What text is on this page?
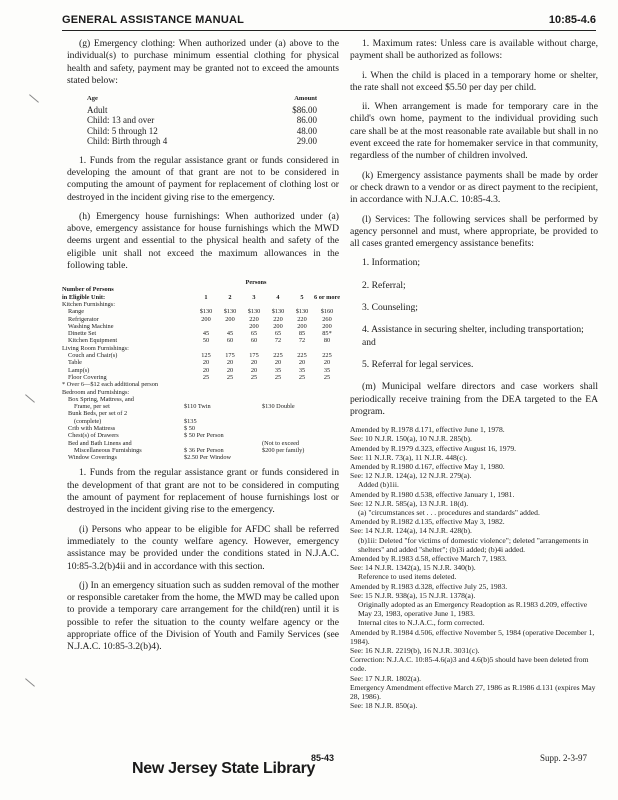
GENERAL ASSISTANCE MANUAL	10:85-4.6

(g) Emergency clothing: When authorized under (a) above to the individual(s) to purchase minimum essential clothing for physical health and safety, payment may be granted not to exceed the amounts stated below:

Age	Amount
Adult	$86.00
Child: 13 and over	86.00
Child: 5 through 12	48.00
Child: Birth through 4	29.00

1. Funds from the regular assistance grant or funds considered in developing the amount of that grant are not to be considered in computing the amount of payment for replacement of clothing lost or destroyed in the incident giving rise to the emergency.

(h) Emergency house furnishings: When authorized under (a) above, emergency assistance for house furnishings which the MWD deems urgent and essential to the physical health and safety of the eligible unit shall not exceed the maximum allowances in the following table.

Persons
Number of Persons						
in Eligible Unit:	1	2	3	4	5	6 or more
Kitchen Furnishings:						
Range	$130	$130	$130	$130	$130	$160
Refrigerator	200	200	220	220	220	260
Washing Machine			200	200	200	200
Dinette Set	45	45	65	65	85	85*
Kitchen Equipment	50	60	60	72	72	80
Living Room Furnishings:						
Couch and Chair(s)	125	175	175	225	225	225
Table	20	20	20	20	20	20
Lamp(s)	20	20	20	35	35	35
Floor Covering	25	25	25	25	25	25
* Over 6—$12 each additional person
Bedroom and Furnishings:		
Box Spring, Mattress, and		
Frame, per set	$110 Twin	$130 Double
Bunk Beds, per set of 2		
(complete)	$135	
Crib with Mattress	$ 50	
Chest(s) of Drawers	$ 50 Per Person	
Bed and Bath Linens and		(Not to exceed
Miscellaneous Furnishings	$ 36 Per Person	$200 per family)
Window Coverings	$2.50 Per Window	

1. Funds from the regular assistance grant or funds considered in the development of that grant are not to be considered in computing the amount of payment for replacement of house furnishings lost or destroyed in the incident giving rise to the emergency.

(i) Persons who appear to be eligible for AFDC shall be referred immediately to the county welfare agency. However, emergency assistance may be provided under the conditions stated in N.J.A.C. 10:85-3.2(b)4ii and in accordance with this section.

(j) In an emergency situation such as sudden removal of the mother or responsible caretaker from the home, the MWD may be called upon to provide a temporary care arrangement for the child(ren) until it is possible to refer the situation to the county welfare agency or the appropriate office of the Division of Youth and Family Services (see N.J.A.C. 10:85-3.2(b)4).

1. Maximum rates: Unless care is available without charge, payment shall be authorized as follows:

i. When the child is placed in a temporary home or shelter, the rate shall not exceed $5.50 per day per child.

ii. When arrangement is made for temporary care in the child's own home, payment to the individual providing such care shall be at the most reasonable rate available but shall in no event exceed the rate for homemaker service in that community, regardless of the number of children involved.

(k) Emergency assistance payments shall be made by order or check drawn to a vendor or as direct payment to the recipient, in accordance with N.J.A.C. 10:85-4.3.

(l) Services: The following services shall be performed by agency personnel and must, where appropriate, be provided to all cases granted emergency assistance benefits:

1. Information;

2. Referral;

3. Counseling;

4. Assistance in securing shelter, including transportation; and

5. Referral for legal services.

(m) Municipal welfare directors and case workers shall periodically receive training from the DEA targeted to the EA program.

Amended by R.1978 d.171, effective June 1, 1978.

See: 10 N.J.R. 150(a), 10 N.J.R. 285(b).

Amended by R.1979 d.323, effective August 16, 1979.

See: 11 N.J.R. 73(a), 11 N.J.R. 448(c).

Amended by R.1980 d.167, effective May 1, 1980.

See: 12 N.J.R. 124(a), 12 N.J.R. 279(a).

Added (b)1ii.

Amended by R.1980 d.538, effective January 1, 1981.

See: 12 N.J.R. 585(a), 13 N.J.R. 18(d).

(a) "circumstances set . . . procedures and standards" added.

Amended by R.1982 d.135, effective May 3, 1982.

See: 14 N.J.R. 124(a), 14 N.J.R. 428(b).

(b)1ii: Deleted "for victims of domestic violence"; deleted "arrangements in shelters" and added "shelter"; (b)3i added; (b)4i added.

Amended by R.1983 d.58, effective March 7, 1983.

See: 14 N.J.R. 1342(a), 15 N.J.R. 340(b).

Reference to used items deleted.

Amended by R.1983 d.328, effective July 25, 1983.

See: 15 N.J.R. 938(a), 15 N.J.R. 1378(a).

Originally adopted as an Emergency Readoption as R.1983 d.209, effective May 23, 1983, operative June 1, 1983.

Internal cites to N.J.A.C., form corrected.

Amended by R.1984 d.506, effective November 5, 1984 (operative December 1, 1984).

See: 16 N.J.R. 2219(b), 16 N.J.R. 3031(c).

Correction: N.J.A.C. 10:85-4.6(a)3 and 4.6(b)5 should have been deleted from code.

See: 17 N.J.R. 1802(a).

Emergency Amendment effective March 27, 1986 as R.1986 d.131 (expires May 28, 1986).

See: 18 N.J.R. 850(a).

85-43	Supp. 2-3-97
New Jersey State Library
